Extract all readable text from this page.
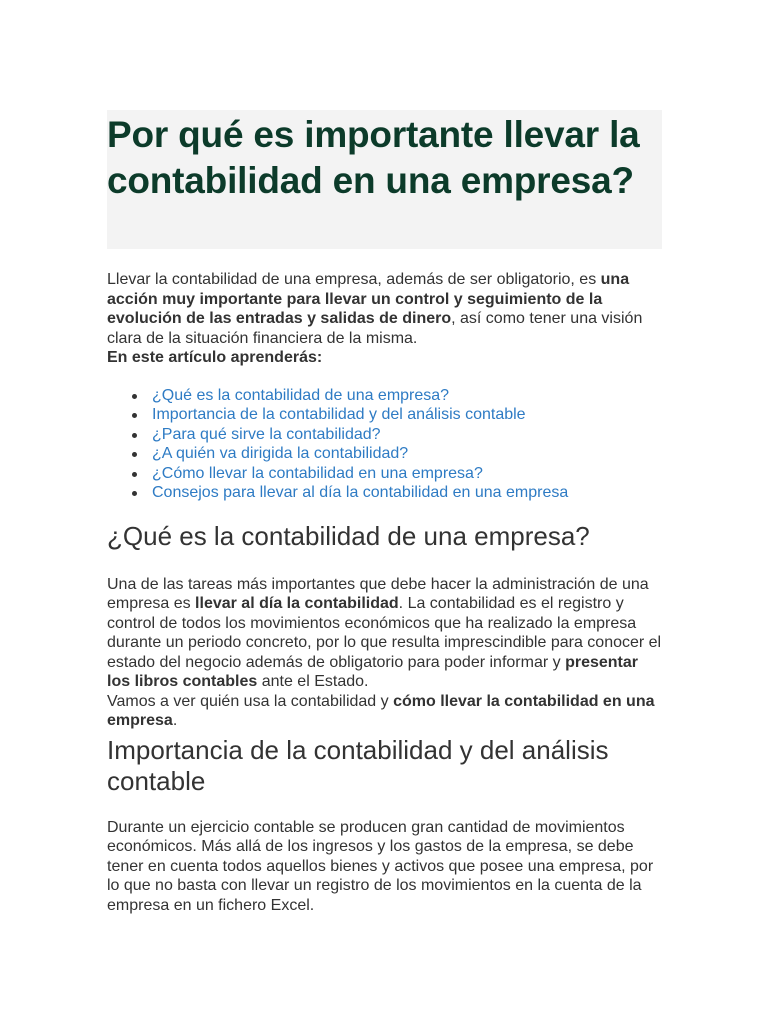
Por qué es importante llevar la contabilidad en una empresa?

Llevar la contabilidad de una empresa, además de ser obligatorio, es una acción muy importante para llevar un control y seguimiento de la evolución de las entradas y salidas de dinero, así como tener una visión clara de la situación financiera de la misma.

En este artículo aprenderás:

¿Qué es la contabilidad de una empresa?
Importancia de la contabilidad y del análisis contable
¿Para qué sirve la contabilidad?
¿A quién va dirigida la contabilidad?
¿Cómo llevar la contabilidad en una empresa?
Consejos para llevar al día la contabilidad en una empresa
¿Qué es la contabilidad de una empresa?

Una de las tareas más importantes que debe hacer la administración de una empresa es llevar al día la contabilidad. La contabilidad es el registro y control de todos los movimientos económicos que ha realizado la empresa durante un periodo concreto, por lo que resulta imprescindible para conocer el estado del negocio además de obligatorio para poder informar y presentar los libros contables ante el Estado.

Vamos a ver quién usa la contabilidad y cómo llevar la contabilidad en una empresa.

Importancia de la contabilidad y del análisis contable

Durante un ejercicio contable se producen gran cantidad de movimientos económicos. Más allá de los ingresos y los gastos de la empresa, se debe tener en cuenta todos aquellos bienes y activos que posee una empresa, por lo que no basta con llevar un registro de los movimientos en la cuenta de la empresa en un fichero Excel.
